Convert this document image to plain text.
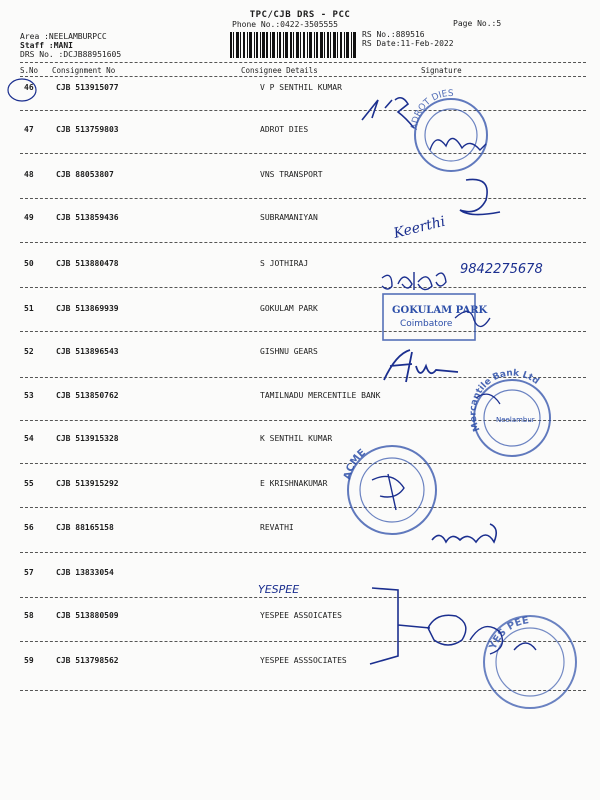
TPC/CJB DRS - PCC
Phone No.:0422-3505555	Page No.:5
RS No.:889516
RS Date:11-Feb-2022
Area :NEELAMBURPCC
Staff :MANI
DRS No. :DCJB88951605
S.No Consignment No	Consignee Details	Signature
46	CJB 513915077	V P SENTHIL KUMAR
47	CJB 513759803	ADROT DIES
48	CJB 88053807	VNS TRANSPORT
49	CJB 513859436	SUBRAMANIYAN
50	CJB 513880478	S JOTHIRAJ
51	CJB 513869939	GOKULAM PARK
52	CJB 513896543	GISHNU GEARS
53	CJB 513850762	TAMILNADU MERCENTILE BANK
54	CJB 513915328	K SENTHIL KUMAR
55	CJB 513915292	E KRISHNAKUMAR
56	CJB 88165158	REVATHI
57	CJB 13833054
58	CJB 513880509	YESPEE ASSOICATES
59	CJB 513798562	YESPEE ASSSOCIATES
ADROT DIES
Keerthi
9842275678
GOKULAM PARK
Coimbatore
Mercantile Bank Ltd
Neelambur
ACME
YESPEE
YES PEE
